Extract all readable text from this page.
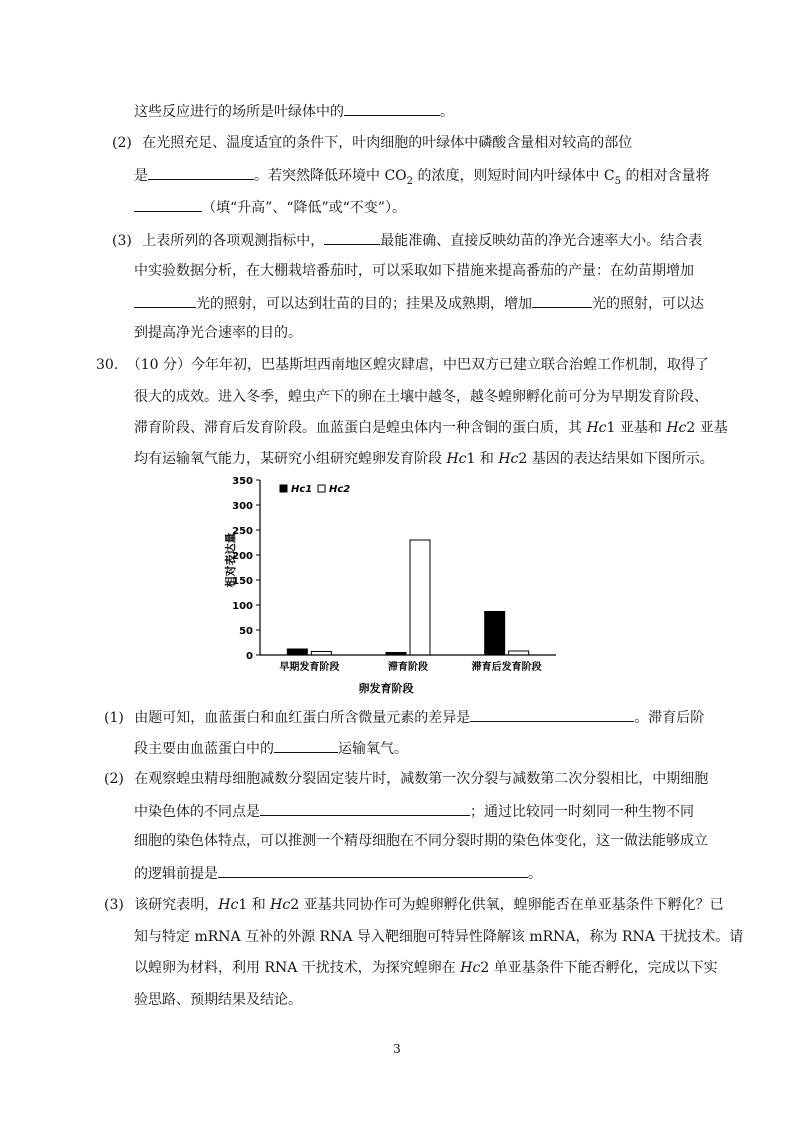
这些反应进行的场所是叶绿体中的	。
(2) 在光照充足、温度适宜的条件下，叶肉细胞的叶绿体中磷酸含量相对较高的部位
是	。若突然降低环境中 $CO_2$ 的浓度，则短时间内叶绿体中 $C_5$ 的相对含量将
（填“升高”、“降低”或“不变”）。
(3) 上表所列的各项观测指标中，	最能准确、直接反映幼苗的净光合速率大小。结合表
中实验数据分析，在大棚栽培番茄时，可以采取如下措施来提高番茄的产量：在幼苗期增加
光的照射，可以达到壮苗的目的；挂果及成熟期，增加	光的照射，可以达
到提高净光合速率的目的。
30. （10 分）今年年初，巴基斯坦西南地区蝗灾肆虐，中巴双方已建立联合治蝗工作机制，取得了
很大的成效。进入冬季，蝗虫产下的卵在土壤中越冬，越冬蝗卵孵化前可分为早期发育阶段、
滞育阶段、滞育后发育阶段。血蓝蛋白是蝗虫体内一种含铜的蛋白质，其 Hc1 亚基和 Hc2 亚基
均有运输氧气能力，某研究小组研究蝗卵发育阶段 Hc1 和 Hc2 基因的表达结果如下图所示。
相对表达量
0
50
100
150
200
250
300
350
早期发育阶段	滞育阶段	滞育后发育阶段
卵发育阶段
Hc1 Hc2
(1) 由题可知，血蓝蛋白和血红蛋白所含微量元素的差异是	。滞育后阶
段主要由血蓝蛋白中的	运输氧气。
(2) 在观察蝗虫精母细胞减数分裂固定装片时，减数第一次分裂与减数第二次分裂相比，中期细胞
中染色体的不同点是	；通过比较同一时刻同一种生物不同
细胞的染色体特点，可以推测一个精母细胞在不同分裂时期的染色体变化，这一做法能够成立
的逻辑前提是	。
(3) 该研究表明，Hc1 和 Hc2 亚基共同协作可为蝗卵孵化供氧，蝗卵能否在单亚基条件下孵化？已
知与特定 mRNA 互补的外源 RNA 导入靶细胞可特异性降解该 mRNA，称为 RNA 干扰技术。请
以蝗卵为材料，利用 RNA 干扰技术，为探究蝗卵在 Hc2 单亚基条件下能否孵化，完成以下实
验思路、预期结果及结论。
3
